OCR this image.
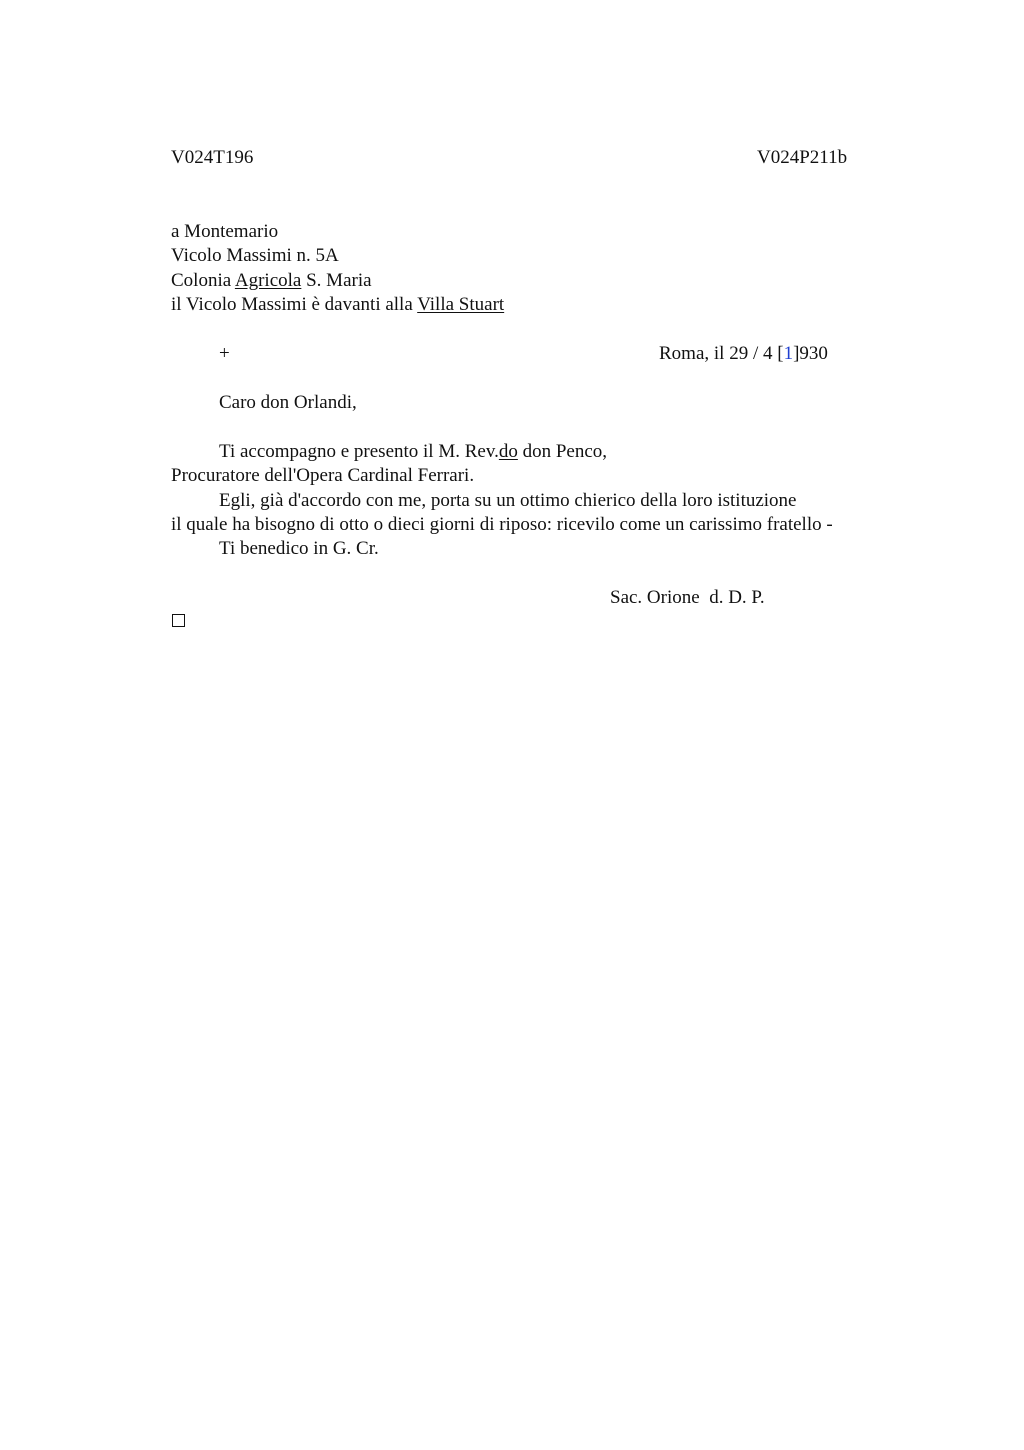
V024T196	V024P211b
a Montemario
Vicolo Massimi n. 5A
Colonia Agricola S. Maria
il Vicolo Massimi è davanti alla Villa Stuart
+	Roma, il 29 / 4 [1]930
Caro don Orlandi,
Ti accompagno e presento il M. Rev.do don Penco,
Procuratore dell'Opera Cardinal Ferrari.
Egli, già d'accordo con me, porta su un ottimo chierico della loro istituzione
il quale ha bisogno di otto o dieci giorni di riposo: ricevilo come un carissimo fratello -
Ti benedico in G. Cr.
Sac. Orione  d. D. P.
